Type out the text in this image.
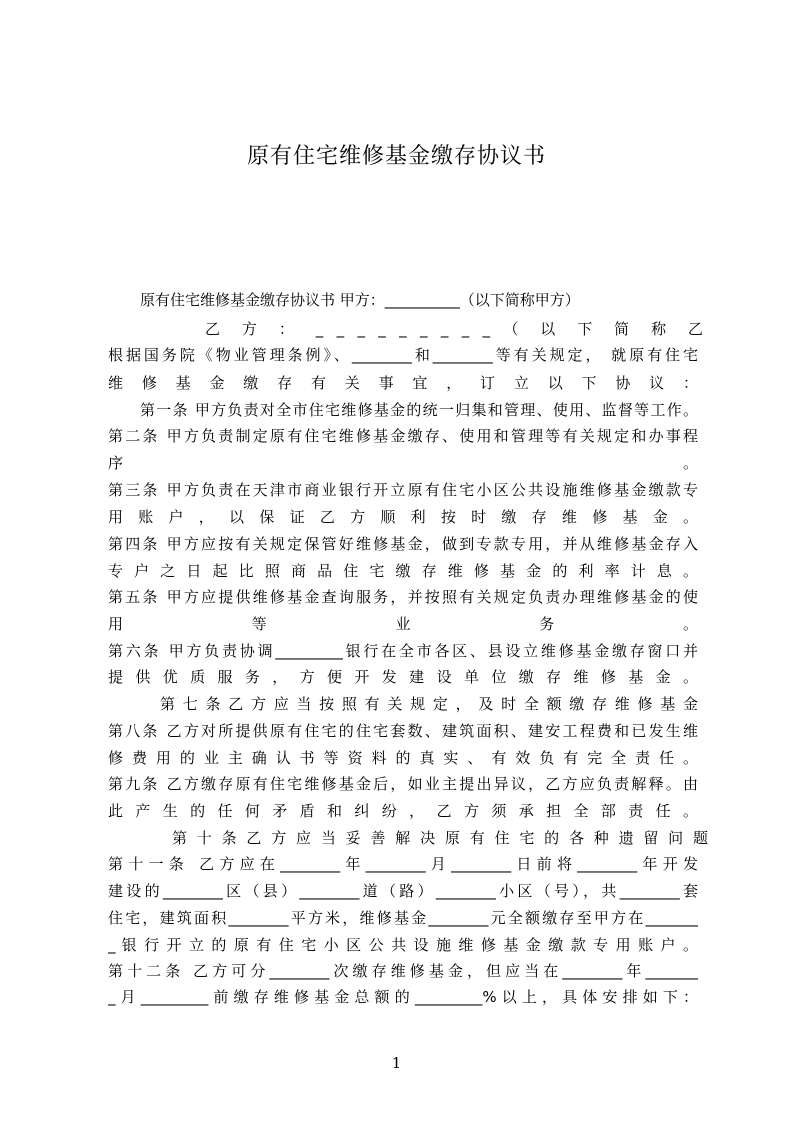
原有住宅维修基金缴存协议书
原有住宅维修基金缴存协议书 甲方：__________（以下简称甲方）
乙 方 ： _ _ _ _ _ _ _ _ _ （ 以 下 简 称 乙
根据国务院《物业管理条例》、________和________等有关规定， 就原有住宅
维 修 基 金 缴 存 有 关 事 宜 ， 订 立 以 下 协 议 ：
第一条 甲方负责对全市住宅维修基金的统一归集和管理、使用、监督等工作。
第二条 甲方负责制定原有住宅维修基金缴存、使用和管理等有关规定和办事程
序 。
第三条 甲方负责在天津市商业银行开立原有住宅小区公共设施维修基金缴款专
用 账 户 ， 以 保 证 乙 方 顺 利 按 时 缴 存 维 修 基 金 。
第四条 甲方应按有关规定保管好维修基金，做到专款专用，并从维修基金存入
专 户 之 日 起 比 照 商 品 住 宅 缴 存 维 修 基 金 的 利 率 计 息 。
第五条 甲方应提供维修基金查询服务，并按照有关规定负责办理维修基金的使
用 等 业 务 。
第六条 甲方负责协调_________银行在全市各区、县设立维修基金缴存窗口并
提 供 优 质 服 务 ， 方 便 开 发 建 设 单 位 缴 存 维 修 基 金 。
第 七 条 乙 方 应 当 按 照 有 关 规 定 ， 及 时 全 额 缴 存 维 修 基 金
第八条 乙方对所提供原有住宅的住宅套数、建筑面积、建安工程费和已发生维
修 费 用 的 业 主 确 认 书 等 资 料 的 真 实 、 有 效 负 有 完 全 责 任 。
第九条 乙方缴存原有住宅维修基金后，如业主提出异议，乙方应负责解释。由
此 产 生 的 任 何 矛 盾 和 纠 纷 ， 乙 方 须 承 担 全 部 责 任 。
第 十 条 乙 方 应 当 妥 善 解 决 原 有 住 宅 的 各 种 遗 留 问 题
第十一条 乙方应在________年________月________日前将________年开发
建设的________区（县）________道（路）________小区（号），共________套
住宅，建筑面积________平方米，维修基金________元全额缴存至甲方在_______
_ 银 行 开 立 的 原 有 住 宅 小 区 公 共 设 施 维 修 基 金 缴 款 专 用 账 户 。
第十二条 乙方可分________次缴存维修基金，但应当在________年_______
_月_________前缴存维修基金总额的_________%以上，具体安排如下：
1
